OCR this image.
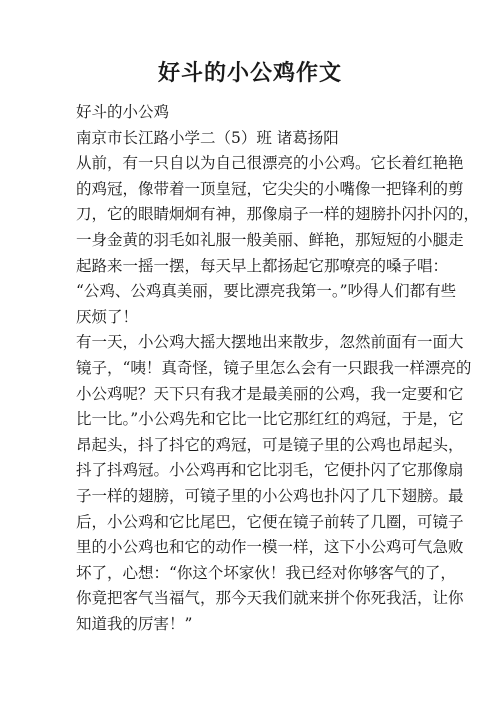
好斗的小公鸡作文
好斗的小公鸡
南京市长江路小学二（5）班 诸葛扬阳
从前，有一只自以为自己很漂亮的小公鸡。它长着红艳艳
的鸡冠，像带着一顶皇冠，它尖尖的小嘴像一把锋利的剪
刀，它的眼睛炯炯有神，那像扇子一样的翅膀扑闪扑闪的，
一身金黄的羽毛如礼服一般美丽、鲜艳，那短短的小腿走
起路来一摇一摆，每天早上都扬起它那嘹亮的嗓子唱：
“公鸡、公鸡真美丽，要比漂亮我第一。”吵得人们都有些
厌烦了！
有一天，小公鸡大摇大摆地出来散步，忽然前面有一面大
镜子，“咦！真奇怪，镜子里怎么会有一只跟我一样漂亮的
小公鸡呢？天下只有我才是最美丽的公鸡，我一定要和它
比一比。”小公鸡先和它比一比它那红红的鸡冠，于是，它
昂起头，抖了抖它的鸡冠，可是镜子里的公鸡也昂起头，
抖了抖鸡冠。小公鸡再和它比羽毛，它便扑闪了它那像扇
子一样的翅膀，可镜子里的小公鸡也扑闪了几下翅膀。最
后，小公鸡和它比尾巴，它便在镜子前转了几圈，可镜子
里的小公鸡也和它的动作一模一样，这下小公鸡可气急败
坏了，心想：“你这个坏家伙！我已经对你够客气的了，
你竟把客气当福气，那今天我们就来拼个你死我活，让你
知道我的厉害！”
